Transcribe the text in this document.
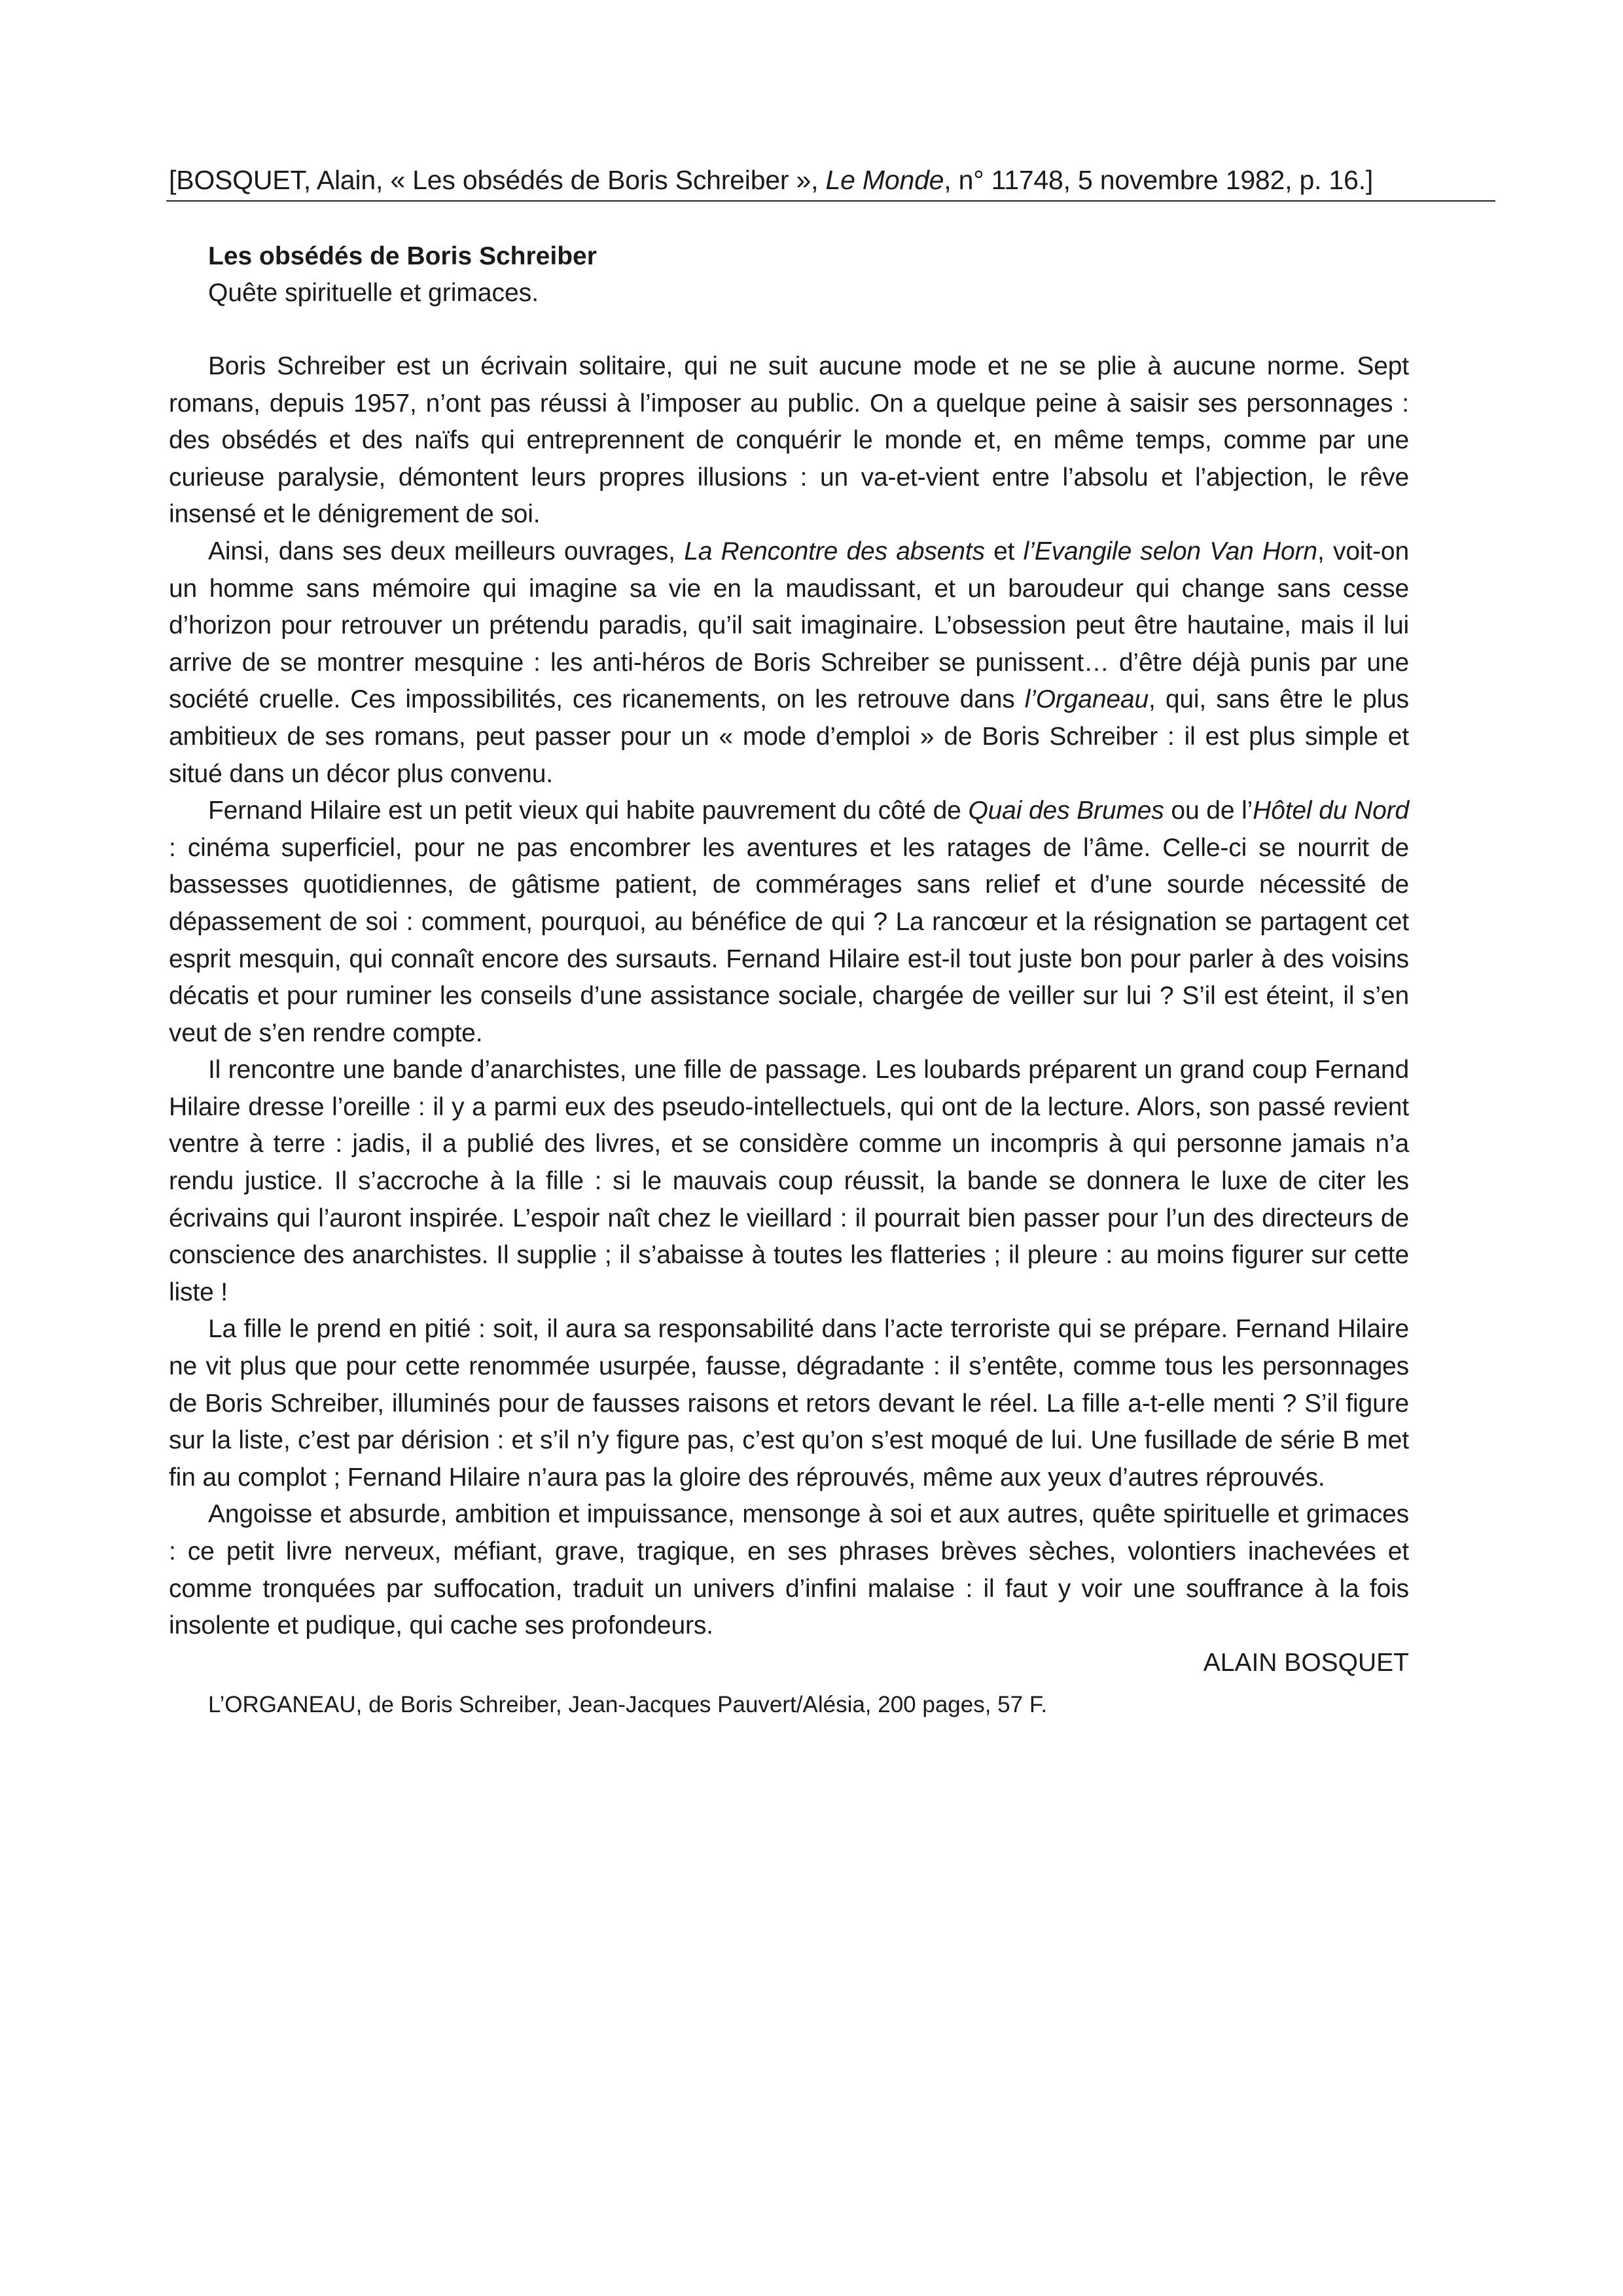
[BOSQUET, Alain, « Les obsédés de Boris Schreiber », Le Monde, n° 11748, 5 novembre 1982, p. 16.]
Les obsédés de Boris Schreiber
Quête spirituelle et grimaces.

Boris Schreiber est un écrivain solitaire, qui ne suit aucune mode et ne se plie à aucune norme. Sept romans, depuis 1957, n’ont pas réussi à l’imposer au public. On a quelque peine à saisir ses personnages : des obsédés et des naïfs qui entreprennent de conquérir le monde et, en même temps, comme par une curieuse paralysie, démontent leurs propres illusions : un va-et-vient entre l’absolu et l’abjection, le rêve insensé et le dénigrement de soi.

Ainsi, dans ses deux meilleurs ouvrages, La Rencontre des absents et l’Evangile selon Van Horn, voit-on un homme sans mémoire qui imagine sa vie en la maudissant, et un baroudeur qui change sans cesse d’horizon pour retrouver un prétendu paradis, qu’il sait imaginaire. L’obsession peut être hautaine, mais il lui arrive de se montrer mesquine : les anti-héros de Boris Schreiber se punissent… d’être déjà punis par une société cruelle. Ces impossibilités, ces ricanements, on les retrouve dans l’Organeau, qui, sans être le plus ambitieux de ses romans, peut passer pour un « mode d’emploi » de Boris Schreiber : il est plus simple et situé dans un décor plus convenu.

Fernand Hilaire est un petit vieux qui habite pauvrement du côté de Quai des Brumes ou de l’Hôtel du Nord : cinéma superficiel, pour ne pas encombrer les aventures et les ratages de l’âme. Celle-ci se nourrit de bassesses quotidiennes, de gâtisme patient, de commérages sans relief et d’une sourde nécessité de dépassement de soi : comment, pourquoi, au bénéfice de qui ? La rancœur et la résignation se partagent cet esprit mesquin, qui connaît encore des sursauts. Fernand Hilaire est-il tout juste bon pour parler à des voisins décatis et pour ruminer les conseils d’une assistance sociale, chargée de veiller sur lui ? S’il est éteint, il s’en veut de s’en rendre compte.

Il rencontre une bande d’anarchistes, une fille de passage. Les loubards préparent un grand coup Fernand Hilaire dresse l’oreille : il y a parmi eux des pseudo-intellectuels, qui ont de la lecture. Alors, son passé revient ventre à terre : jadis, il a publié des livres, et se considère comme un incompris à qui personne jamais n’a rendu justice. Il s’accroche à la fille : si le mauvais coup réussit, la bande se donnera le luxe de citer les écrivains qui l’auront inspirée. L’espoir naît chez le vieillard : il pourrait bien passer pour l’un des directeurs de conscience des anarchistes. Il supplie ; il s’abaisse à toutes les flatteries ; il pleure : au moins figurer sur cette liste !

La fille le prend en pitié : soit, il aura sa responsabilité dans l’acte terroriste qui se prépare. Fernand Hilaire ne vit plus que pour cette renommée usurpée, fausse, dégradante : il s’entête, comme tous les personnages de Boris Schreiber, illuminés pour de fausses raisons et retors devant le réel. La fille a-t-elle menti ? S’il figure sur la liste, c’est par dérision : et s’il n’y figure pas, c’est qu’on s’est moqué de lui. Une fusillade de série B met fin au complot ; Fernand Hilaire n’aura pas la gloire des réprouvés, même aux yeux d’autres réprouvés.

Angoisse et absurde, ambition et impuissance, mensonge à soi et aux autres, quête spirituelle et grimaces : ce petit livre nerveux, méfiant, grave, tragique, en ses phrases brèves sèches, volontiers inachevées et comme tronquées par suffocation, traduit un univers d’infini malaise : il faut y voir une souffrance à la fois insolente et pudique, qui cache ses profondeurs.

ALAIN BOSQUET
L’ORGANEAU, de Boris Schreiber, Jean-Jacques Pauvert/Alésia, 200 pages, 57 F.
